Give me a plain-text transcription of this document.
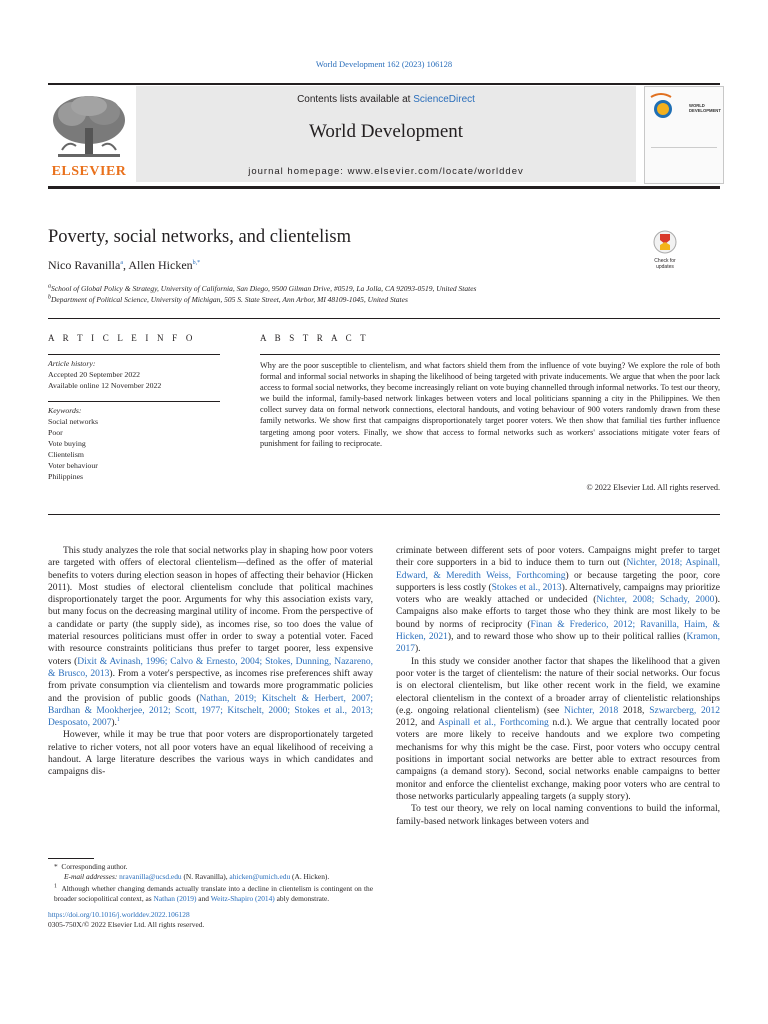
World Development 162 (2023) 106128
ELSEVIER
Contents lists available at ScienceDirect
World Development
journal homepage: www.elsevier.com/locate/worlddev
WORLD
DEVELOPMENT
Poverty, social networks, and clientelism
Check for updates
Nico Ravanilla$^a$, Allen Hicken$^{b,*}$
$^a$School of Global Policy & Strategy, University of California, San Diego, 9500 Gilman Drive, #0519, La Jolla, CA 92093-0519, United States
$^b$Department of Political Science, University of Michigan, 505 S. State Street, Ann Arbor, MI 48109-1045, United States
A R T I C L E I N F O
Article history:
Accepted 20 September 2022
Available online 12 November 2022
Keywords:
Social networks
Poor
Vote buying
Clientelism
Voter behaviour
Philippines
A B S T R A C T
Why are the poor susceptible to clientelism, and what factors shield them from the influence of vote buying? We explore the role of both formal and informal social networks in shaping the likelihood of being targeted with private inducements. We argue that when the poor lack access to formal social networks, they become increasingly reliant on vote buying channelled through informal networks. To test our theory, we build the informal, family-based network linkages between voters and local politicians spanning a city in the Philippines. We then collect survey data on formal network connections, electoral handouts, and voting behaviour of 900 voters randomly drawn from these family networks. We show first that campaigns disproportionately target poorer voters. We then show that familial ties further influence targeting among poor voters. Finally, we show that access to formal networks such as workers' associations mitigate voter fears of punishment for failing to reciprocate.
© 2022 Elsevier Ltd. All rights reserved.

This study analyzes the role that social networks play in shaping how poor voters are targeted with offers of electoral clientelism—defined as the offer of material benefits to voters during election season in hopes of affecting their behavior (Hicken 2011). Most studies of electoral clientelism conclude that political machines disproportionately target the poor. Arguments for why this association exists vary, but many focus on the decreasing marginal utility of income. From the perspective of a candidate or party (the supply side), as incomes rise, so too does the value of material resources politicians must offer in order to sway a potential voter. Faced with resource constraints politicians thus prefer to target poorer, less expensive voters (Dixit & Avinash, 1996; Calvo & Ernesto, 2004; Stokes, Dunning, Nazareno, & Brusco, 2013). From a voter's perspective, as incomes rise preferences shift away from private consumption via clientelism and towards more programmatic policies and the provision of public goods (Nathan, 2019; Kitschelt & Herbert, 2007; Bardhan & Mookherjee, 2012; Scott, 1977; Kitschelt, 2000; Stokes et al., 2013; Desposato, 2007).$^1$

However, while it may be true that poor voters are disproportionately targeted relative to richer voters, not all poor voters have an equal likelihood of receiving a handout. A large literature describes the various ways in which candidates and campaigns dis-

* Corresponding author.
E-mail addresses: nravanilla@ucsd.edu (N. Ravanilla), ahicken@umich.edu (A. Hicken).
$^1$ Although whether changing demands actually translate into a decline in clientelism is contingent on the broader sociopolitical context, as Nathan (2019) and Weitz-Shapiro (2014) ably demonstrate.
https://doi.org/10.1016/j.worlddev.2022.106128
0305-750X/© 2022 Elsevier Ltd. All rights reserved.

criminate between different sets of poor voters. Campaigns might prefer to target their core supporters in a bid to induce them to turn out (Nichter, 2018; Aspinall, Edward, & Meredith Weiss, Forthcoming) or because targeting the poor, core supporters is less costly (Stokes et al., 2013). Alternatively, campaigns may prioritize voters who are weakly attached or undecided (Nichter, 2008; Schady, 2000). Campaigns also make efforts to target those who they think are most likely to be bound by norms of reciprocity (Finan & Frederico, 2012; Ravanilla, Haim, & Hicken, 2021), and to reward those who show up to their political rallies (Kramon, 2017).

In this study we consider another factor that shapes the likelihood that a given poor voter is the target of clientelism: the nature of their social networks. Our focus is on electoral clientelism, but like other recent work in the field, we examine electoral clientelism in the context of a broader array of clientelistic relationships (e.g. ongoing relational clientelism) (see Nichter, 2018 2018, Szwarcberg, 2012 2012, and Aspinall et al., Forthcoming n.d.). We argue that centrally located poor voters are more likely to receive handouts and we explore two competing mechanisms for why this might be the case. First, poor voters who occupy central positions in important social networks are better able to extract resources from campaigns (a demand story). Second, social networks enable campaigns to better monitor and enforce the clientelist exchange, making poor voters who are central to those networks particularly appealing targets (a supply story).

To test our theory, we rely on local naming conventions to build the informal, family-based network linkages between voters and
